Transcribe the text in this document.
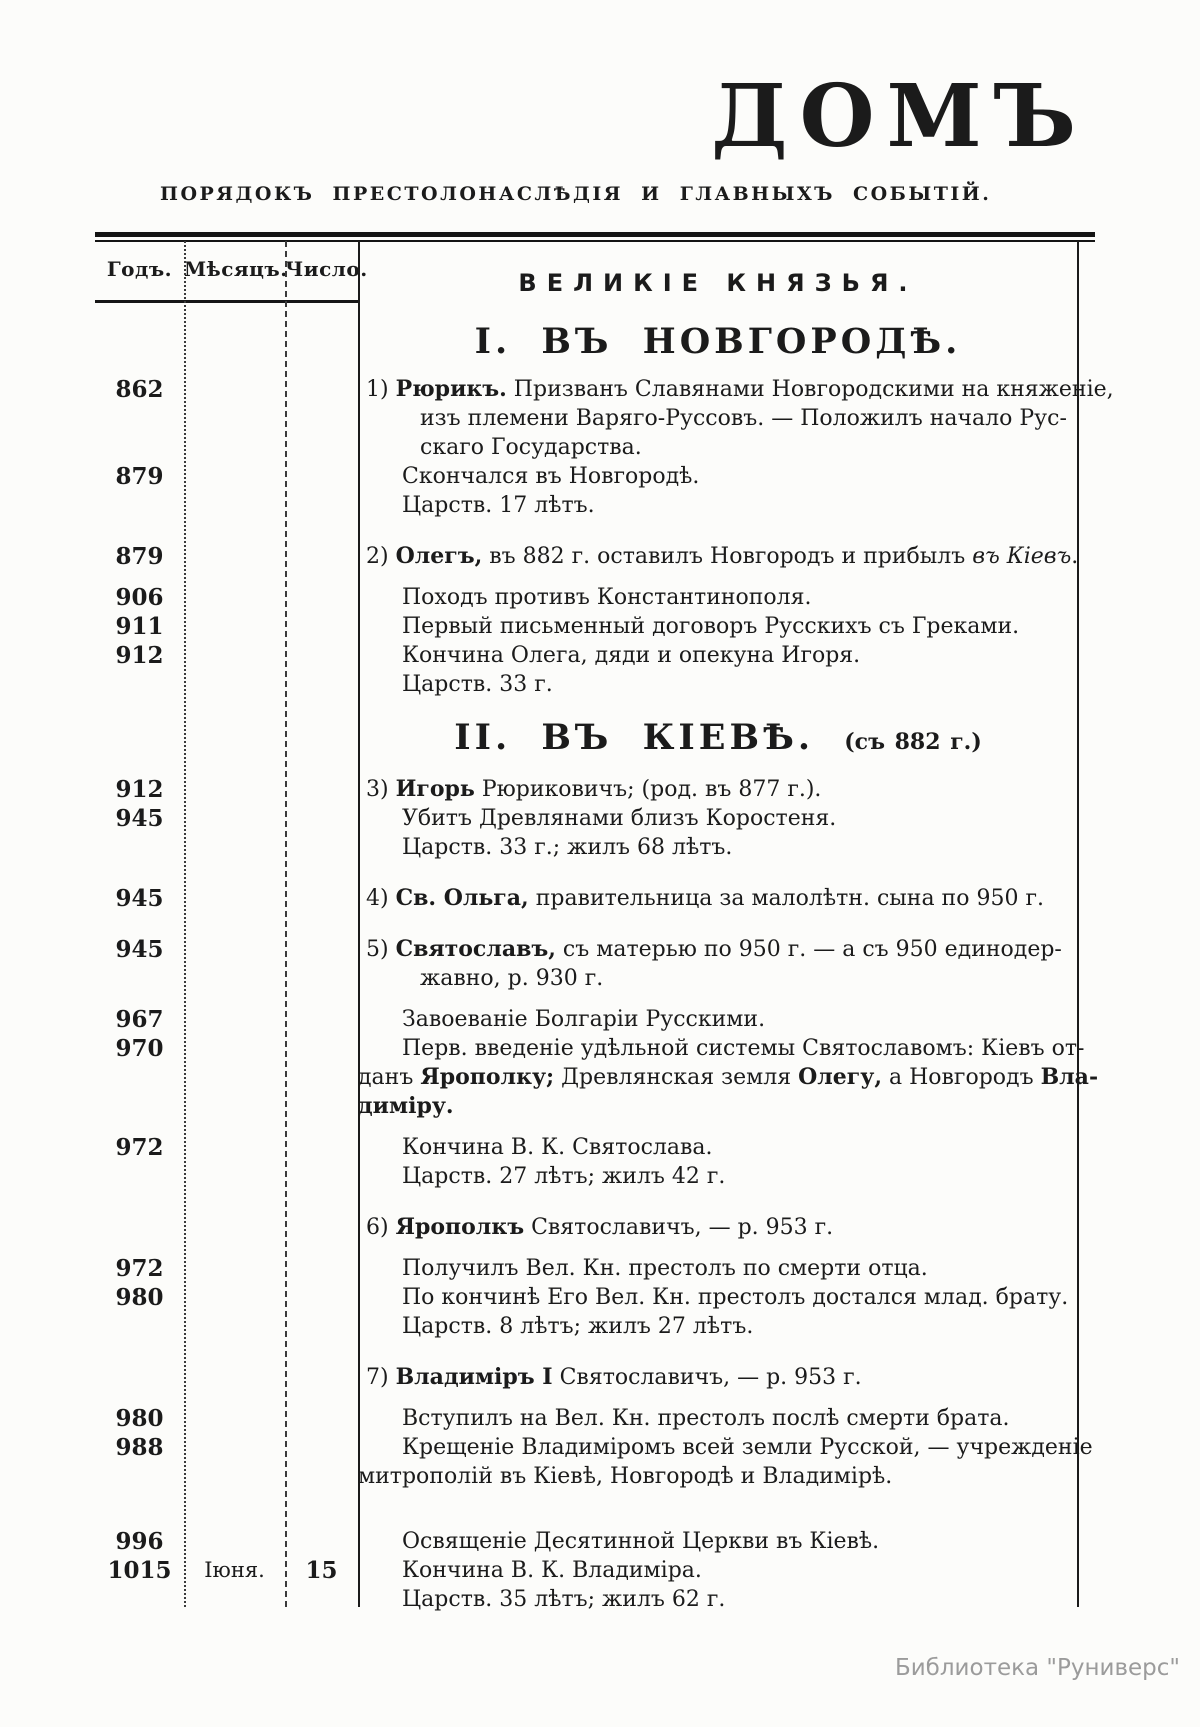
ДОМЪ
ПОРЯДОКЪ ПРЕСТОЛОНАСЛѢДІЯ И ГЛАВНЫХЪ СОБЫТІЙ.
Годъ. Мѣсяцъ.
Число.	ВЕЛИКІЕ КНЯЗЬЯ.
I. ВЪ НОВГОРОДѢ.
862	1) Рюрикъ. Призванъ Славянами Новгородскими на княженіе,
изъ племени Варяго-Руссовъ. — Положилъ начало Рус-
скаго Государства.
879	Скончался въ Новгородѣ.
Царств. 17 лѣтъ.
879	2) Олегъ, въ 882 г. оставилъ Новгородъ и прибылъ въ Кіевъ.
906	Походъ противъ Константинополя.
911	Первый письменный договоръ Русскихъ съ Греками.
912	Кончина Олега, дяди и опекуна Игоря.
Царств. 33 г.
II. ВЪ КІЕВѢ. (съ 882 г.)
912	3) Игорь Рюриковичъ; (род. въ 877 г.).
945	Убитъ Древлянами близъ Коростеня.
Царств. 33 г.; жилъ 68 лѣтъ.
945	4) Св. Ольга, правительница за малолѣтн. сына по 950 г.
945	5) Святославъ, съ матерью по 950 г. — а съ 950 единодер-
жавно, р. 930 г.
967	Завоеваніе Болгаріи Русскими.
970	Перв. введеніе удѣльной системы Святославомъ: Кіевъ от-
данъ Ярополку; Древлянская земля Олегу, а Новгородъ Вла-
диміру.
972	Кончина В. К. Святослава.
Царств. 27 лѣтъ; жилъ 42 г.
6) Ярополкъ Святославичъ, — р. 953 г.
972	Получилъ Вел. Кн. престолъ по смерти отца.
980	По кончинѣ Его Вел. Кн. престолъ достался млад. брату.
Царств. 8 лѣтъ; жилъ 27 лѣтъ.
7) Владиміръ I Святославичъ, — р. 953 г.
980	Вступилъ на Вел. Кн. престолъ послѣ смерти брата.
988	Крещеніе Владиміромъ всей земли Русской, — учрежденіе
митрополій въ Кіевѣ, Новгородѣ и Владимірѣ.
996	Освященіе Десятинной Церкви въ Кіевѣ.
1015	Іюня.	15	Кончина В. К. Владиміра.
Царств. 35 лѣтъ; жилъ 62 г.
Библиотека "Руниверс"
